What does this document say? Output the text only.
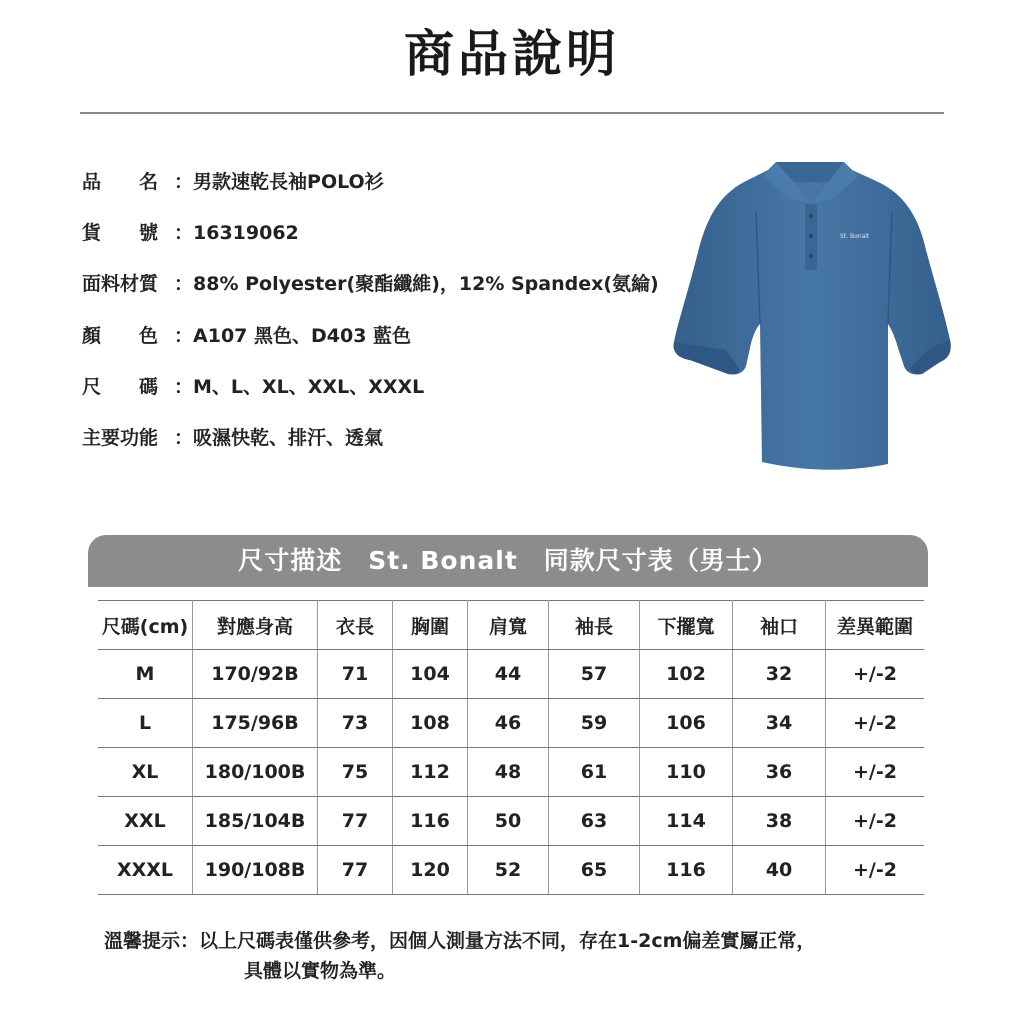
商品說明
品　　名 ：男款速乾長袖POLO衫
貨　　號 ：16319062
面料材質 ：88% Polyester(聚酯纖維)，12% Spandex(氨綸)
顏　　色 ：A107 黑色、D403 藍色
尺　　碼 ：M、L、XL、XXL、XXXL
主要功能 ：吸濕快乾、排汗、透氣
St. Bonalt
尺寸描述　St. Bonalt　同款尺寸表（男士）
尺碼(cm)	對應身高	衣長	胸圍	肩寬	袖長	下擺寬	袖口	差異範圍
M	170/92B	71	104	44	57	102	32	+/-2
L	175/96B	73	108	46	59	106	34	+/-2
XL	180/100B	75	112	48	61	110	36	+/-2
XXL	185/104B	77	116	50	63	114	38	+/-2
XXXL	190/108B	77	120	52	65	116	40	+/-2
溫馨提示：以上尺碼表僅供參考，因個人測量方法不同，存在1-2cm偏差實屬正常，
具體以實物為準。
